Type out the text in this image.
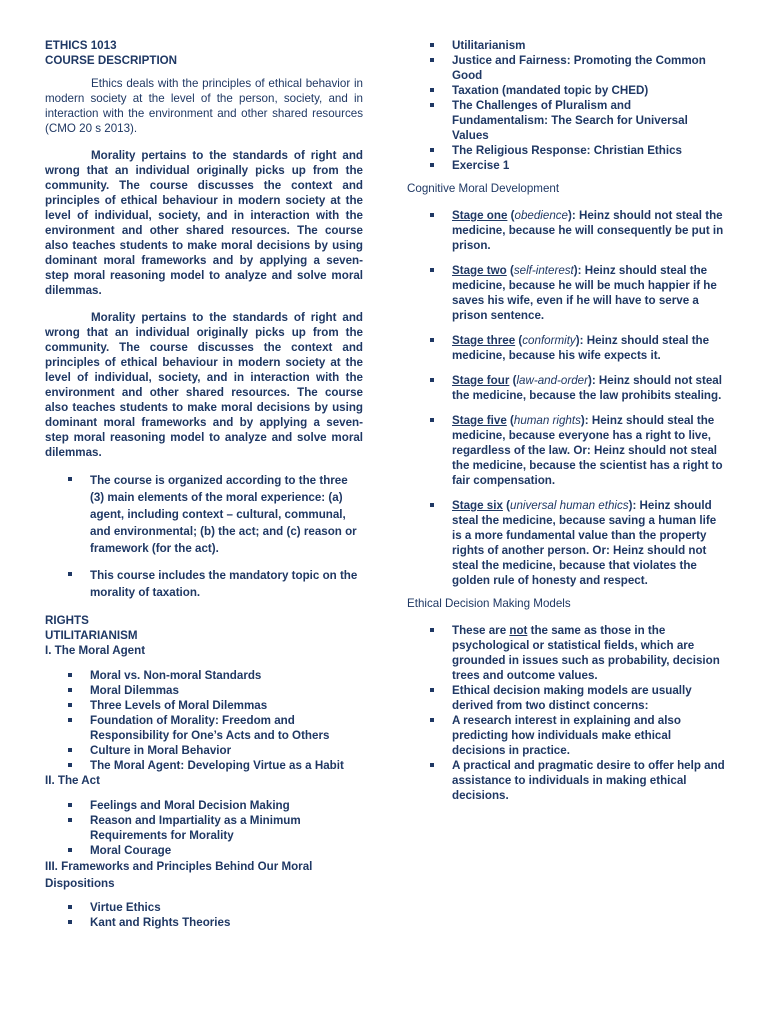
ETHICS 1013
COURSE DESCRIPTION
Ethics deals with the principles of ethical behavior in modern society at the level of the person, society, and in interaction with the environment and other shared resources (CMO 20 s 2013).
Morality pertains to the standards of right and wrong that an individual originally picks up from the community. The course discusses the context and principles of ethical behaviour in modern society at the level of individual, society, and in interaction with the environment and other shared resources. The course also teaches students to make moral decisions by using dominant moral frameworks and by applying a seven-step moral reasoning model to analyze and solve moral dilemmas.
Morality pertains to the standards of right and wrong that an individual originally picks up from the community. The course discusses the context and principles of ethical behaviour in modern society at the level of individual, society, and in interaction with the environment and other shared resources. The course also teaches students to make moral decisions by using dominant moral frameworks and by applying a seven-step moral reasoning model to analyze and solve moral dilemmas.
The course is organized according to the three (3) main elements of the moral experience: (a) agent, including context – cultural, communal, and environmental; (b) the act; and (c) reason or framework (for the act).
This course includes the mandatory topic on the morality of taxation.
RIGHTS
UTILITARIANISM
I. The Moral Agent
Moral vs. Non-moral Standards
Moral Dilemmas
Three Levels of Moral Dilemmas
Foundation of Morality: Freedom and Responsibility for One’s Acts and to Others
Culture in Moral Behavior
The Moral Agent: Developing Virtue as a Habit
II. The Act
Feelings and Moral Decision Making
Reason and Impartiality as a Minimum Requirements for Morality
Moral Courage
III. Frameworks and Principles Behind Our Moral Dispositions
Virtue Ethics
Kant and Rights Theories
Utilitarianism
Justice and Fairness: Promoting the Common Good
Taxation (mandated topic by CHED)
The Challenges of Pluralism and Fundamentalism: The Search for Universal Values
The Religious Response: Christian Ethics
Exercise 1
Cognitive Moral Development
Stage one (obedience): Heinz should not steal the medicine, because he will consequently be put in prison.
Stage two (self-interest): Heinz should steal the medicine, because he will be much happier if he saves his wife, even if he will have to serve a prison sentence.
Stage three (conformity): Heinz should steal the medicine, because his wife expects it.
Stage four (law-and-order): Heinz should not steal the medicine, because the law prohibits stealing.
Stage five (human rights): Heinz should steal the medicine, because everyone has a right to live, regardless of the law. Or: Heinz should not steal the medicine, because the scientist has a right to fair compensation.
Stage six (universal human ethics): Heinz should steal the medicine, because saving a human life is a more fundamental value than the property rights of another person. Or: Heinz should not steal the medicine, because that violates the golden rule of honesty and respect.
Ethical Decision Making Models
These are not the same as those in the psychological or statistical fields, which are grounded in issues such as probability, decision trees and outcome values.
Ethical decision making models are usually derived from two distinct concerns:
A research interest in explaining and also predicting how individuals make ethical decisions in practice.
A practical and pragmatic desire to offer help and assistance to individuals in making ethical decisions.
